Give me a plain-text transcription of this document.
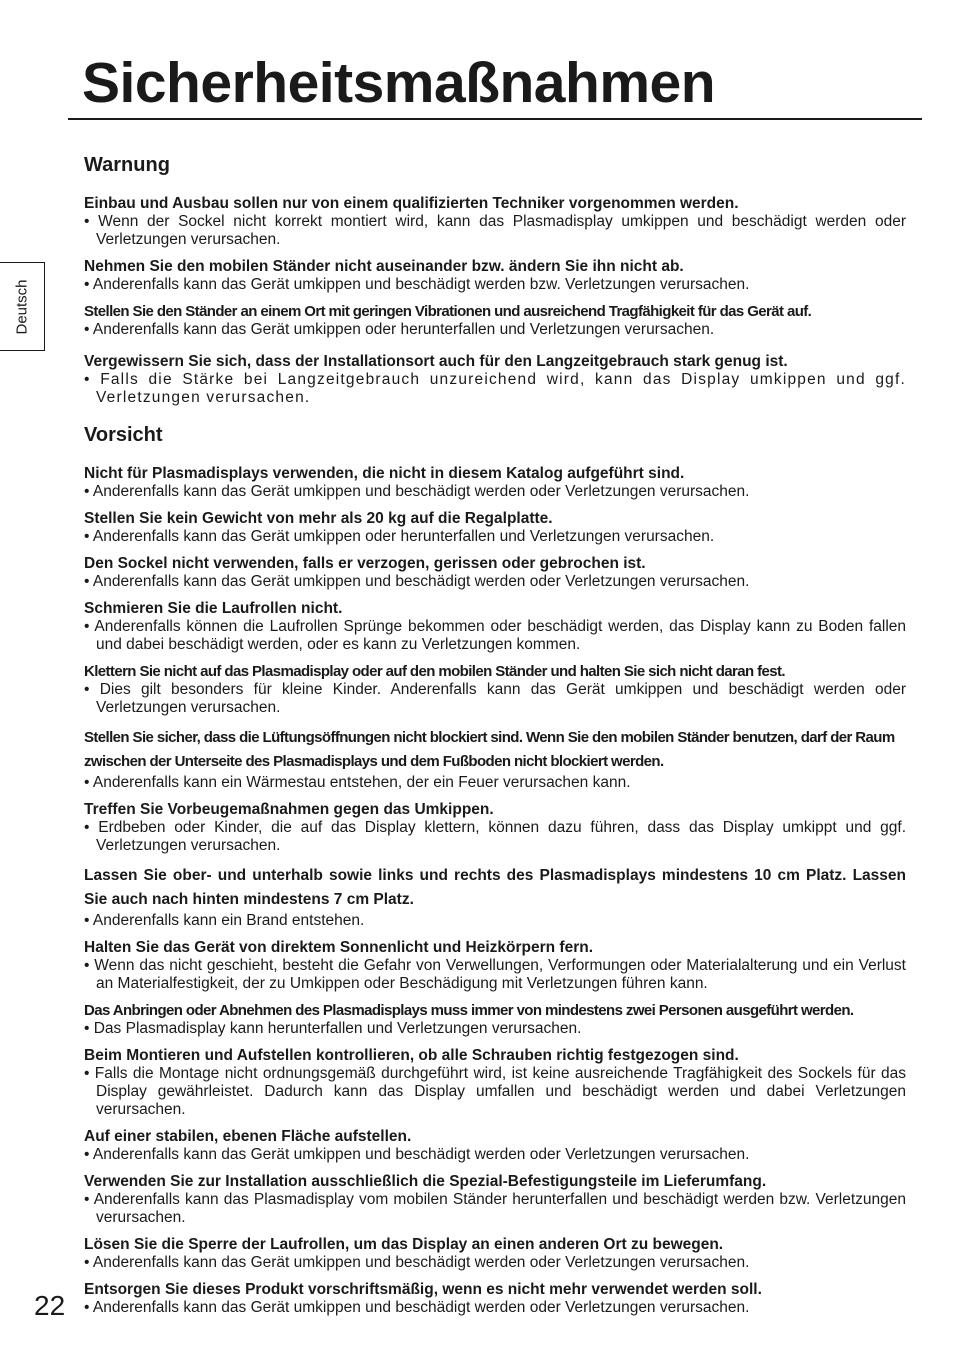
Sicherheitsmaßnahmen
Deutsch
22
Warnung
Einbau und Ausbau sollen nur von einem qualifizierten Techniker vorgenommen werden.
• Wenn der Sockel nicht korrekt montiert wird, kann das Plasmadisplay umkippen und beschädigt werden oder Verletzungen verursachen.
Nehmen Sie den mobilen Ständer nicht auseinander bzw. ändern Sie ihn nicht ab.
• Anderenfalls kann das Gerät umkippen und beschädigt werden bzw. Verletzungen verursachen.
Stellen Sie den Ständer an einem Ort mit geringen Vibrationen und ausreichend Tragfähigkeit für das Gerät auf.
• Anderenfalls kann das Gerät umkippen oder herunterfallen und Verletzungen verursachen.
Vergewissern Sie sich, dass der Installationsort auch für den Langzeitgebrauch stark genug ist.
• Falls die Stärke bei Langzeitgebrauch unzureichend wird, kann das Display umkippen und ggf. Verletzungen verursachen.
Vorsicht
Nicht für Plasmadisplays verwenden, die nicht in diesem Katalog aufgeführt sind.
• Anderenfalls kann das Gerät umkippen und beschädigt werden oder Verletzungen verursachen.
Stellen Sie kein Gewicht von mehr als 20 kg auf die Regalplatte.
• Anderenfalls kann das Gerät umkippen oder herunterfallen und Verletzungen verursachen.
Den Sockel nicht verwenden, falls er verzogen, gerissen oder gebrochen ist.
• Anderenfalls kann das Gerät umkippen und beschädigt werden oder Verletzungen verursachen.
Schmieren Sie die Laufrollen nicht.
• Anderenfalls können die Laufrollen Sprünge bekommen oder beschädigt werden, das Display kann zu Boden fallen und dabei beschädigt werden, oder es kann zu Verletzungen kommen.
Klettern Sie nicht auf das Plasmadisplay oder auf den mobilen Ständer und halten Sie sich nicht daran fest.
• Dies gilt besonders für kleine Kinder. Anderenfalls kann das Gerät umkippen und beschädigt werden oder Verletzungen verursachen.
Stellen Sie sicher, dass die Lüftungsöffnungen nicht blockiert sind. Wenn Sie den mobilen Ständer benutzen, darf der Raum zwischen der Unterseite des Plasmadisplays und dem Fußboden nicht blockiert werden.
• Anderenfalls kann ein Wärmestau entstehen, der ein Feuer verursachen kann.
Treffen Sie Vorbeugemaßnahmen gegen das Umkippen.
• Erdbeben oder Kinder, die auf das Display klettern, können dazu führen, dass das Display umkippt und ggf. Verletzungen verursachen.
Lassen Sie ober- und unterhalb sowie links und rechts des Plasmadisplays mindestens 10 cm Platz. Lassen Sie auch nach hinten mindestens 7 cm Platz.
• Anderenfalls kann ein Brand entstehen.
Halten Sie das Gerät von direktem Sonnenlicht und Heizkörpern fern.
• Wenn das nicht geschieht, besteht die Gefahr von Verwellungen, Verformungen oder Materialalterung und ein Verlust an Materialfestigkeit, der zu Umkippen oder Beschädigung mit Verletzungen führen kann.
Das Anbringen oder Abnehmen des Plasmadisplays muss immer von mindestens zwei Personen ausgeführt werden.
• Das Plasmadisplay kann herunterfallen und Verletzungen verursachen.
Beim Montieren und Aufstellen kontrollieren, ob alle Schrauben richtig festgezogen sind.
• Falls die Montage nicht ordnungsgemäß durchgeführt wird, ist keine ausreichende Tragfähigkeit des Sockels für das Display gewährleistet. Dadurch kann das Display umfallen und beschädigt werden und dabei Verletzungen verursachen.
Auf einer stabilen, ebenen Fläche aufstellen.
• Anderenfalls kann das Gerät umkippen und beschädigt werden oder Verletzungen verursachen.
Verwenden Sie zur Installation ausschließlich die Spezial-Befestigungsteile im Lieferumfang.
• Anderenfalls kann das Plasmadisplay vom mobilen Ständer herunterfallen und beschädigt werden bzw. Verletzungen verursachen.
Lösen Sie die Sperre der Laufrollen, um das Display an einen anderen Ort zu bewegen.
• Anderenfalls kann das Gerät umkippen und beschädigt werden oder Verletzungen verursachen.
Entsorgen Sie dieses Produkt vorschriftsmäßig, wenn es nicht mehr verwendet werden soll.
• Anderenfalls kann das Gerät umkippen und beschädigt werden oder Verletzungen verursachen.
